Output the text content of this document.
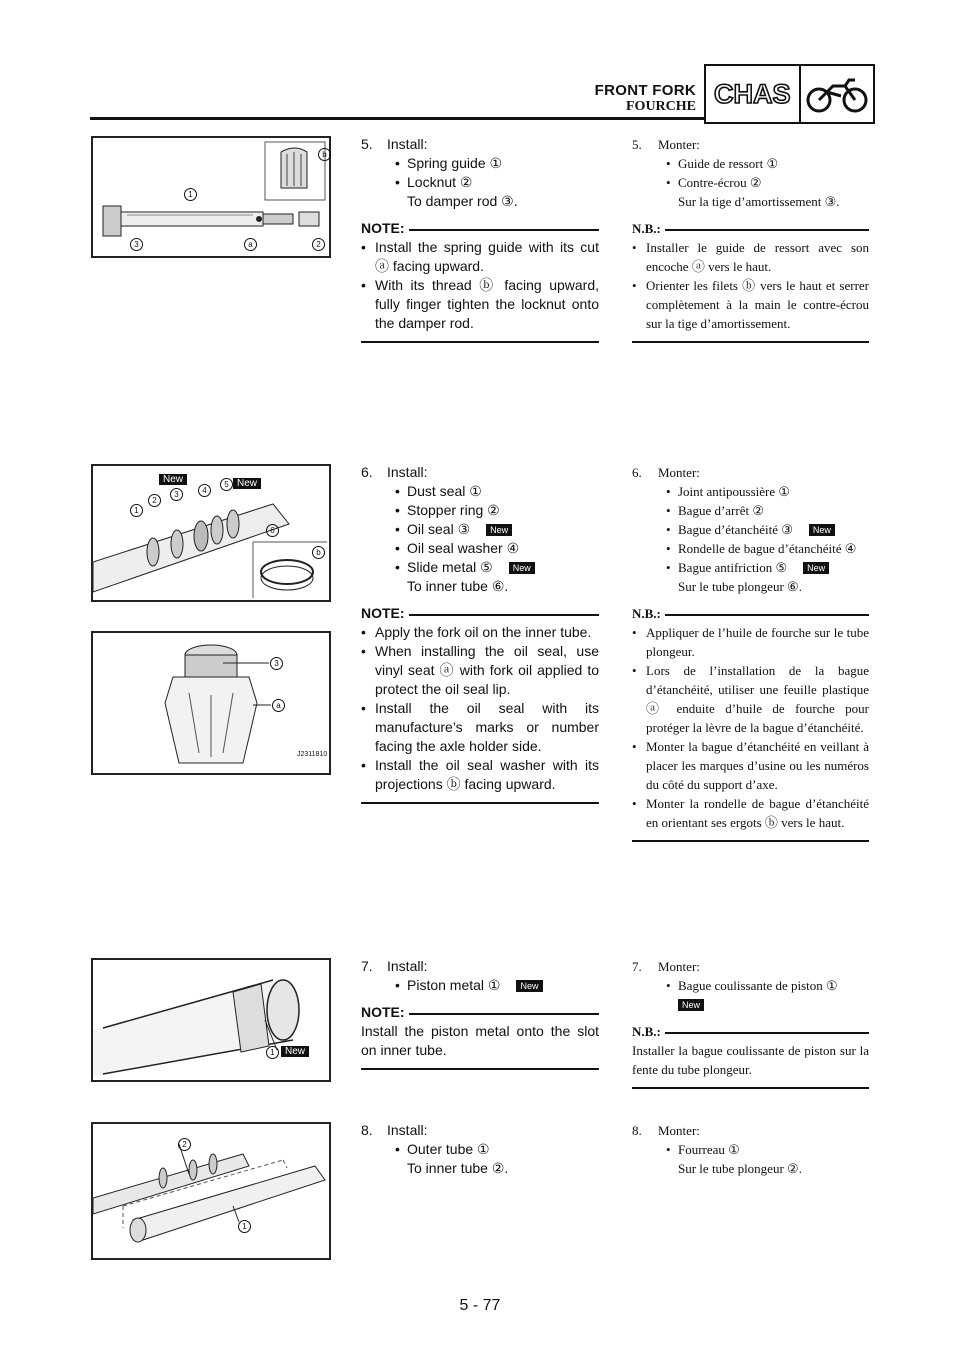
FRONT FORK
FOURCHE CHAS
b
1
3	a	2
5.	Install:
• Spring guide ①
• Locknut ②
To damper rod ③.
NOTE:
• Install the spring guide with its cut ⓐ facing upward.
• With its thread ⓑ facing upward, fully finger tighten the locknut onto the damper rod.
5.	Monter:
• Guide de ressort ①
• Contre-écrou ②
Sur la tige d’amortissement ③.
N.B.:
• Installer le guide de ressort avec son encoche ⓐ vers le haut.
• Orienter les filets ⓑ vers le haut et serrer complètement à la main le contre-écrou sur la tige d’amortissement.
New	New
1
2
3	4
5
6
b
3
a
J2311810
6.	Install:
• Dust seal ①
• Stopper ring ②
• Oil seal ③ New
• Oil seal washer ④
• Slide metal ⑤ New
To inner tube ⑥.
NOTE:
• Apply the fork oil on the inner tube.
• When installing the oil seal, use vinyl seat ⓐ with fork oil applied to protect the oil seal lip.
• Install the oil seal with its manufacture’s marks or number facing the axle holder side.
• Install the oil seal washer with its projections ⓑ facing upward.
6.	Monter:
• Joint antipoussière ①
• Bague d’arrêt ②
• Bague d’étanchéité ③ New
• Rondelle de bague d’étanchéité ④
• Bague antifriction ⑤ New
Sur le tube plongeur ⑥.
N.B.:
• Appliquer de l’huile de fourche sur le tube plongeur.
• Lors de l’installation de la bague d’étanchéité, utiliser une feuille plastique ⓐ enduite d’huile de fourche pour protéger la lèvre de la bague d’étanchéité.
• Monter la bague d’étanchéité en veillant à placer les marques d’usine ou les numéros du côté du support d’axe.
• Monter la rondelle de bague d’étanchéité en orientant ses ergots ⓑ vers le haut.
1	New
7.	Install:
• Piston metal ① New
NOTE:
Install the piston metal onto the slot on inner tube.
7.	Monter:
• Bague coulissante de piston ①
New
N.B.:
Installer la bague coulissante de piston sur la fente du tube plongeur.
2
1
8.	Install:
• Outer tube ①
To inner tube ②.
8.	Monter:
• Fourreau ①
Sur le tube plongeur ②.
5 - 77
